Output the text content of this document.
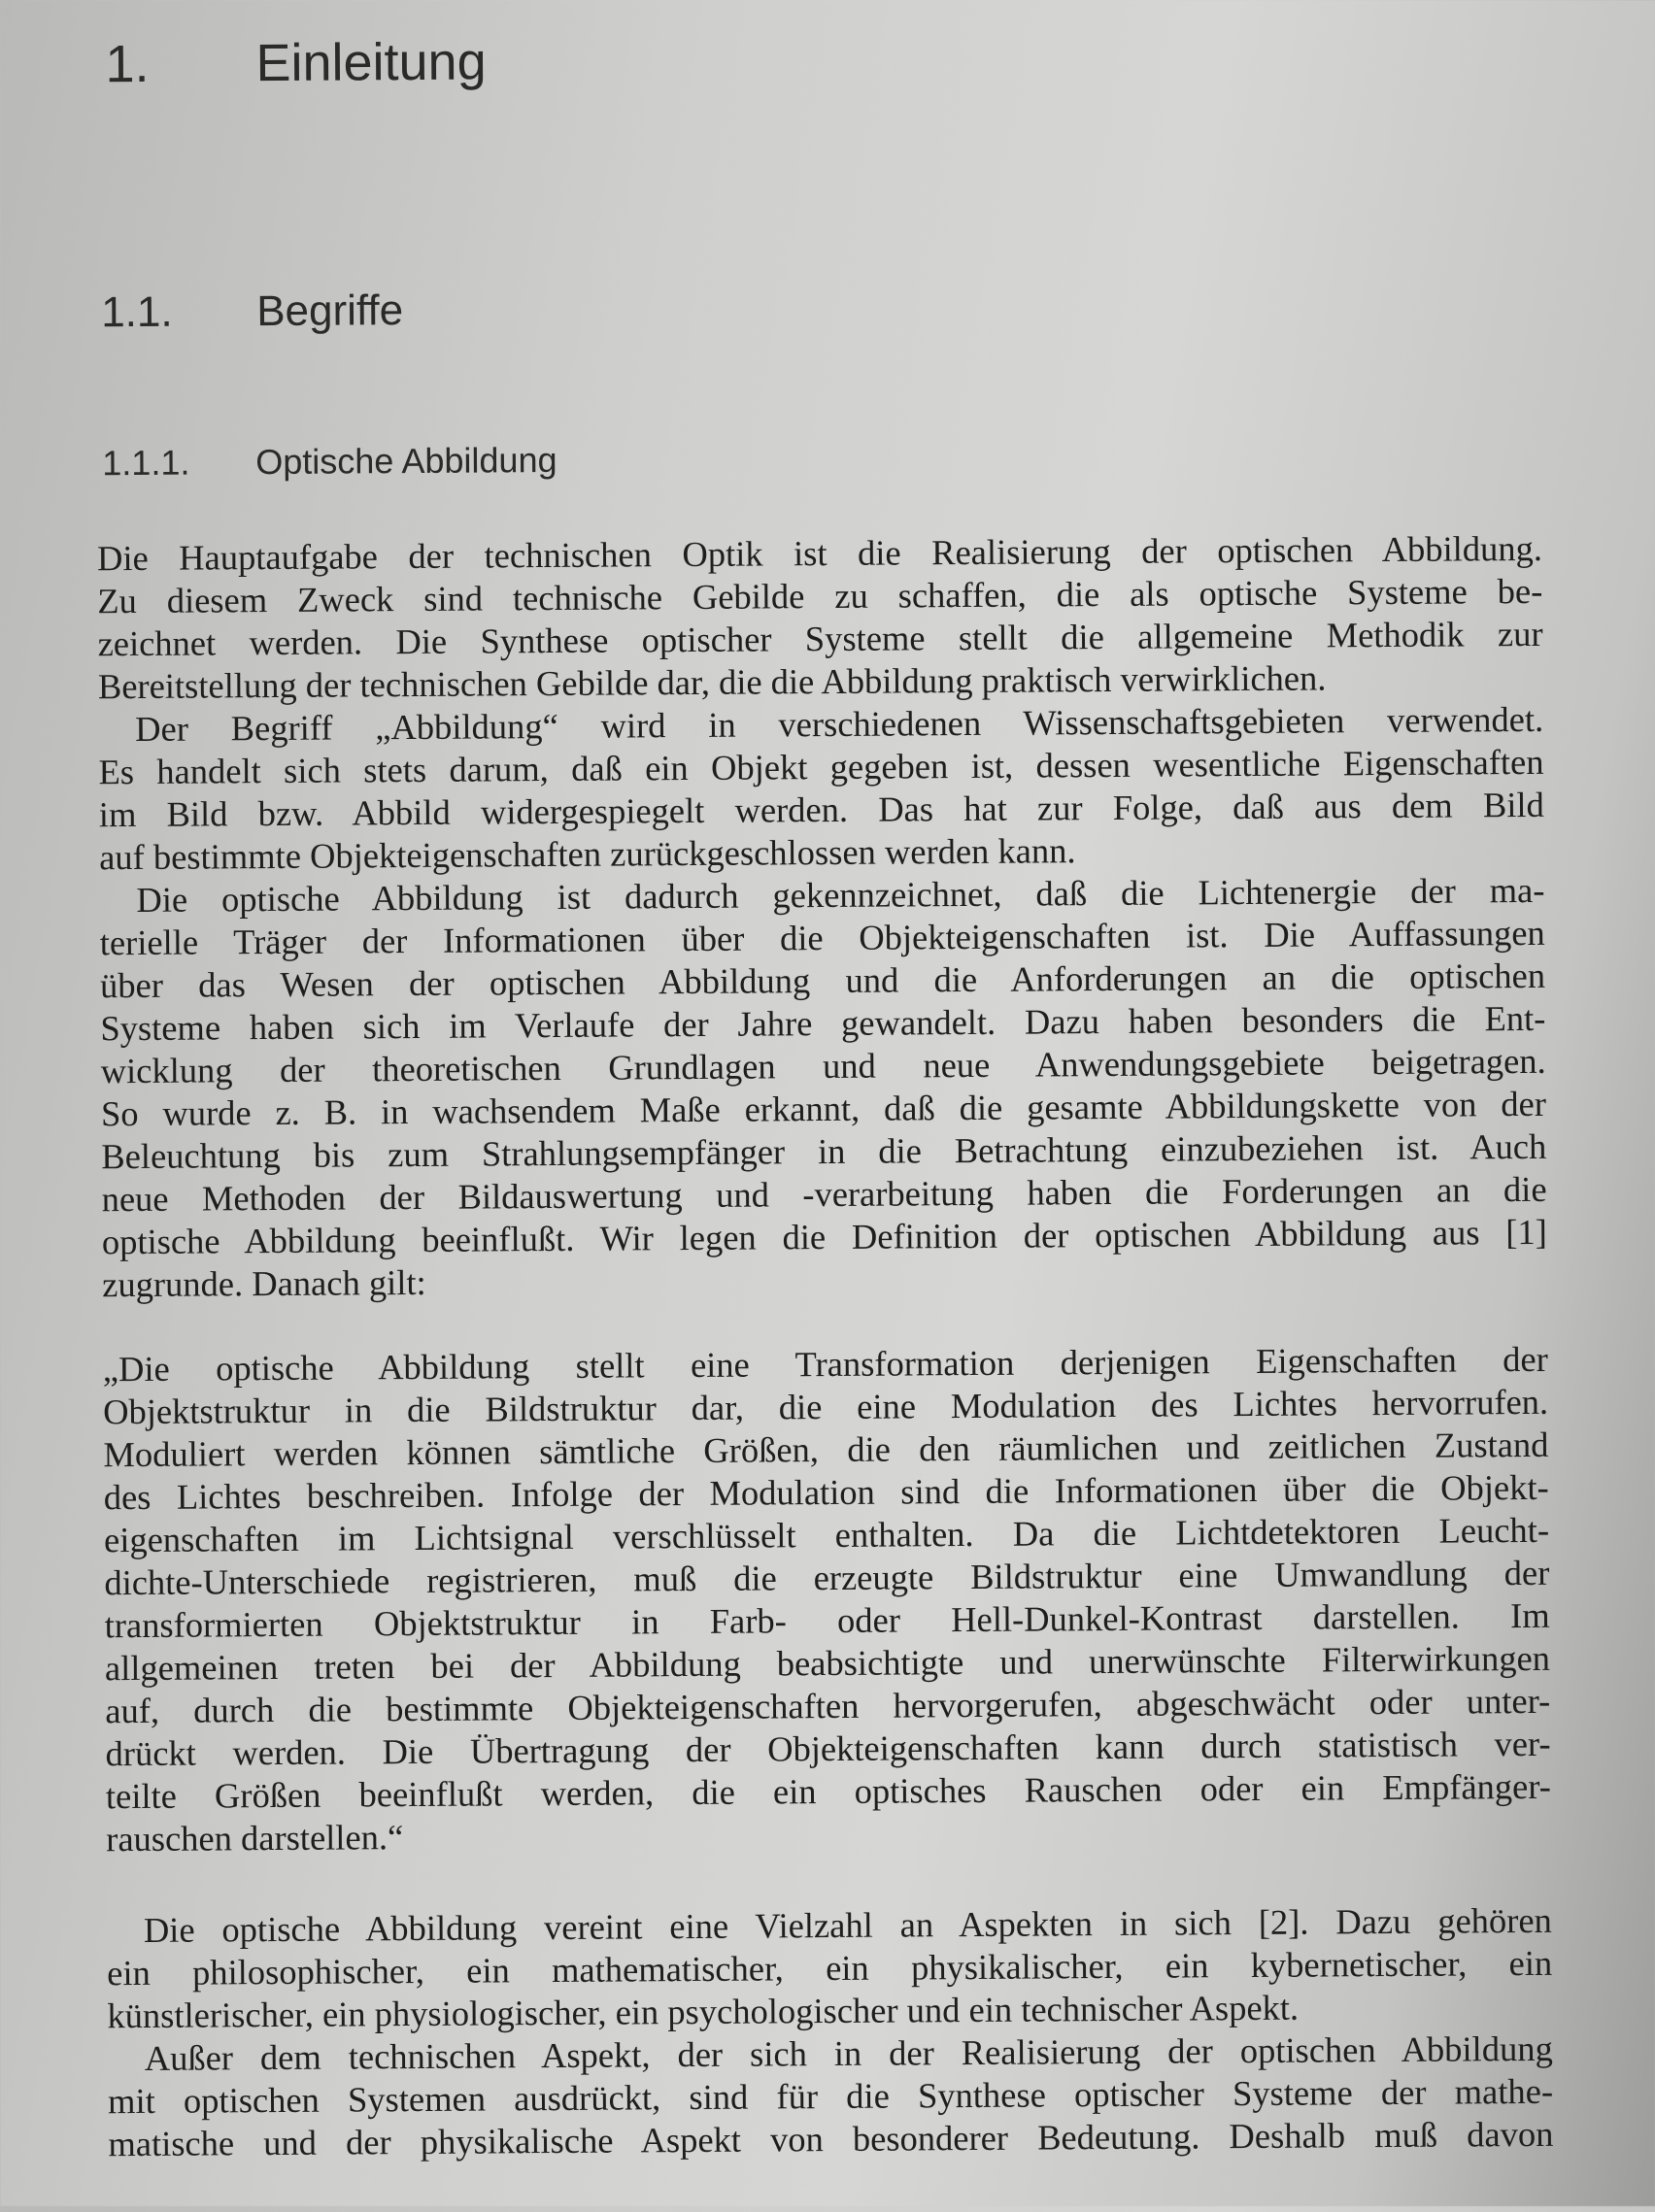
1. Einleitung
1.1. Begriffe
1.1.1. Optische Abbildung
Die Hauptaufgabe der technischen Optik ist die Realisierung der optischen Abbildung.
Zu diesem Zweck sind technische Gebilde zu schaffen, die als optische Systeme be-
zeichnet werden. Die Synthese optischer Systeme stellt die allgemeine Methodik zur
Bereitstellung der technischen Gebilde dar, die die Abbildung praktisch verwirklichen.
Der Begriff „Abbildung“ wird in verschiedenen Wissenschaftsgebieten verwendet.
Es handelt sich stets darum, daß ein Objekt gegeben ist, dessen wesentliche Eigenschaften
im Bild bzw. Abbild widergespiegelt werden. Das hat zur Folge, daß aus dem Bild
auf bestimmte Objekteigenschaften zurückgeschlossen werden kann.
Die optische Abbildung ist dadurch gekennzeichnet, daß die Lichtenergie der ma-
terielle Träger der Informationen über die Objekteigenschaften ist. Die Auffassungen
über das Wesen der optischen Abbildung und die Anforderungen an die optischen
Systeme haben sich im Verlaufe der Jahre gewandelt. Dazu haben besonders die Ent-
wicklung der theoretischen Grundlagen und neue Anwendungsgebiete beigetragen.
So wurde z. B. in wachsendem Maße erkannt, daß die gesamte Abbildungskette von der
Beleuchtung bis zum Strahlungsempfänger in die Betrachtung einzubeziehen ist. Auch
neue Methoden der Bildauswertung und -verarbeitung haben die Forderungen an die
optische Abbildung beeinflußt. Wir legen die Definition der optischen Abbildung aus [1]
zugrunde. Danach gilt:
„Die optische Abbildung stellt eine Transformation derjenigen Eigenschaften der
Objektstruktur in die Bildstruktur dar, die eine Modulation des Lichtes hervorrufen.
Moduliert werden können sämtliche Größen, die den räumlichen und zeitlichen Zustand
des Lichtes beschreiben. Infolge der Modulation sind die Informationen über die Objekt-
eigenschaften im Lichtsignal verschlüsselt enthalten. Da die Lichtdetektoren Leucht-
dichte-Unterschiede registrieren, muß die erzeugte Bildstruktur eine Umwandlung der
transformierten Objektstruktur in Farb- oder Hell-Dunkel-Kontrast darstellen. Im
allgemeinen treten bei der Abbildung beabsichtigte und unerwünschte Filterwirkungen
auf, durch die bestimmte Objekteigenschaften hervorgerufen, abgeschwächt oder unter-
drückt werden. Die Übertragung der Objekteigenschaften kann durch statistisch ver-
teilte Größen beeinflußt werden, die ein optisches Rauschen oder ein Empfänger-
rauschen darstellen.“
Die optische Abbildung vereint eine Vielzahl an Aspekten in sich [2]. Dazu gehören
ein philosophischer, ein mathematischer, ein physikalischer, ein kybernetischer, ein
künstlerischer, ein physiologischer, ein psychologischer und ein technischer Aspekt.
Außer dem technischen Aspekt, der sich in der Realisierung der optischen Abbildung
mit optischen Systemen ausdrückt, sind für die Synthese optischer Systeme der mathe-
matische und der physikalische Aspekt von besonderer Bedeutung. Deshalb muß davon
